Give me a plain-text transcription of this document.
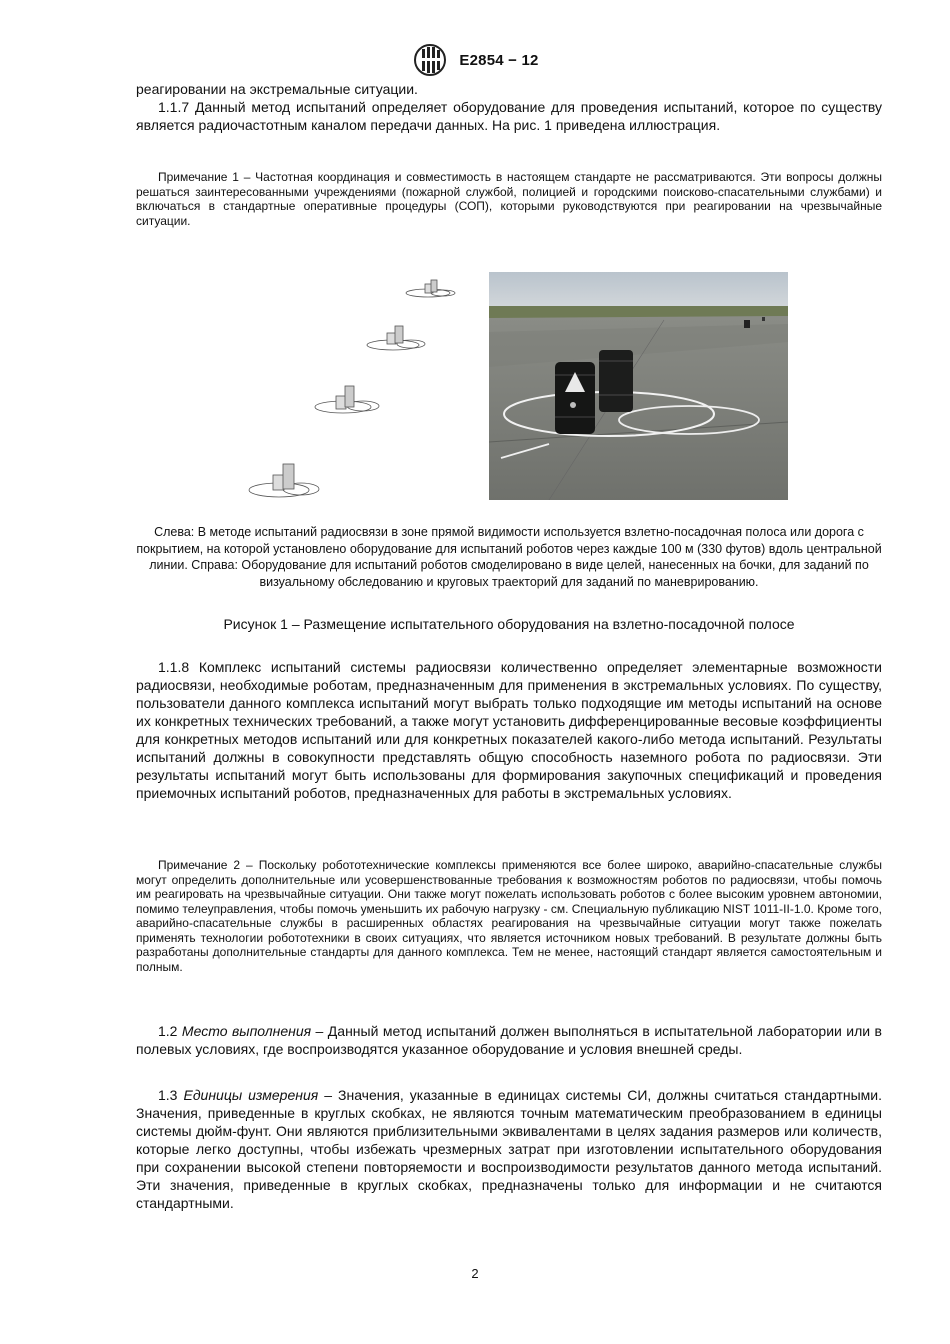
E2854 − 12

реагировании на экстремальные ситуации.

1.1.7 Данный метод испытаний определяет оборудование для проведения испытаний, которое по существу является радиочастотным каналом передачи данных. На рис. 1 приведена иллюстрация.

Примечание 1 – Частотная координация и совместимость в настоящем стандарте не рассматриваются. Эти вопросы должны решаться заинтересованными учреждениями (пожарной службой, полицией и городскими поисково-спасательными службами) и включаться в стандартные оперативные процедуры (СОП), которыми руководствуются при реагировании на чрезвычайные ситуации.

Слева: В методе испытаний радиосвязи в зоне прямой видимости используется взлетно-посадочная полоса или дорога с покрытием, на которой установлено оборудование для испытаний роботов через каждые 100 м (330 футов) вдоль центральной линии. Справа: Оборудование для испытаний роботов смоделировано в виде целей, нанесенных на бочки, для заданий по визуальному обследованию и круговых траекторий для заданий по маневрированию.

Рисунок 1 – Размещение испытательного оборудования на взлетно-посадочной полосе

1.1.8 Комплекс испытаний системы радиосвязи количественно определяет элементарные возможности радиосвязи, необходимые роботам, предназначенным для применения в экстремальных условиях. По существу, пользователи данного комплекса испытаний могут выбрать только подходящие им методы испытаний на основе их конкретных технических требований, а также могут установить дифференцированные весовые коэффициенты для конкретных методов испытаний или для конкретных показателей какого-либо метода испытаний. Результаты испытаний должны в совокупности представлять общую способность наземного робота по радиосвязи. Эти результаты испытаний могут быть использованы для формирования закупочных спецификаций и проведения приемочных испытаний роботов, предназначенных для работы в экстремальных условиях.

Примечание 2 – Поскольку робототехнические комплексы применяются все более широко, аварийно-спасательные службы могут определить дополнительные или усовершенствованные требования к возможностям роботов по радиосвязи, чтобы помочь им реагировать на чрезвычайные ситуации. Они также могут пожелать использовать роботов с более высоким уровнем автономии, помимо телеуправления, чтобы помочь уменьшить их рабочую нагрузку - см. Специальную публикацию NIST 1011-II-1.0. Кроме того, аварийно-спасательные службы в расширенных областях реагирования на чрезвычайные ситуации могут также пожелать применять технологии робототехники в своих ситуациях, что является источником новых требований. В результате должны быть разработаны дополнительные стандарты для данного комплекса. Тем не менее, настоящий стандарт является самостоятельным и полным.

1.2 Место выполнения – Данный метод испытаний должен выполняться в испытательной лаборатории или в полевых условиях, где воспроизводятся указанное оборудование и условия внешней среды.

1.3 Единицы измерения – Значения, указанные в единицах системы СИ, должны считаться стандартными. Значения, приведенные в круглых скобках, не являются точным математическим преобразованием в единицы системы дюйм-фунт. Они являются приблизительными эквивалентами в целях задания размеров или количеств, которые легко доступны, чтобы избежать чрезмерных затрат при изготовлении испытательного оборудования при сохранении высокой степени повторяемости и воспроизводимости результатов данного метода испытаний. Эти значения, приведенные в круглых скобках, предназначены только для информации и не считаются стандартными.

2
